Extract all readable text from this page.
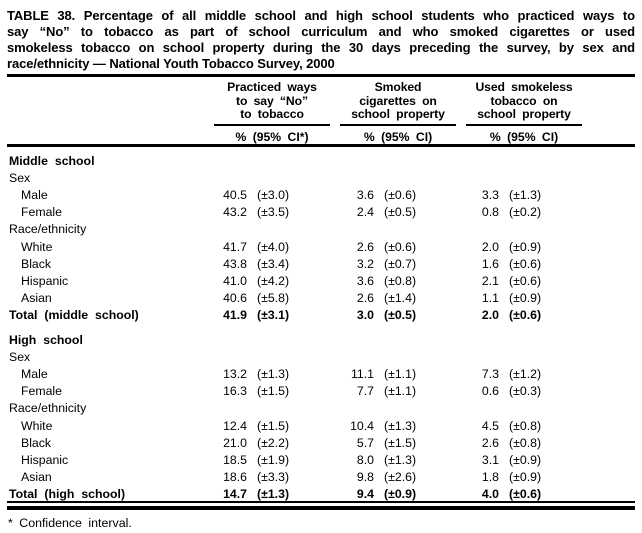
TABLE 38. Percentage of all middle school and high school students who practiced ways to
say “No” to tobacco as part of school curriculum and who smoked cigarettes or used
smokeless tobacco on school property during the 30 days preceding the survey, by sex and
race/ethnicity — National Youth Tobacco Survey, 2000

Practiced ways
to say “No”
to tobacco

Smoked
cigarettes on
school property

Used smokeless
tobacco on
school property

	% (95% CI*)		% (95% CI)		% (95% CI)		
Middle school							
Sex							
Male	40.5	(±3.0)	3.6	(±0.6)	3.3	(±1.3)	
Female	43.2	(±3.5)	2.4	(±0.5)	0.8	(±0.2)	
Race/ethnicity							
White	41.7	(±4.0)	2.6	(±0.6)	2.0	(±0.9)	
Black	43.8	(±3.4)	3.2	(±0.7)	1.6	(±0.6)	
Hispanic	41.0	(±4.2)	3.6	(±0.8)	2.1	(±0.6)	
Asian	40.6	(±5.8)	2.6	(±1.4)	1.1	(±0.9)	
Total (middle school)	41.9	(±3.1)	3.0	(±0.5)	2.0	(±0.6)	
High school							
Sex							
Male	13.2	(±1.3)	11.1	(±1.1)	7.3	(±1.2)	
Female	16.3	(±1.5)	7.7	(±1.1)	0.6	(±0.3)	
Race/ethnicity							
White	12.4	(±1.5)	10.4	(±1.3)	4.5	(±0.8)	
Black	21.0	(±2.2)	5.7	(±1.5)	2.6	(±0.8)	
Hispanic	18.5	(±1.9)	8.0	(±1.3)	3.1	(±0.9)	
Asian	18.6	(±3.3)	9.8	(±2.6)	1.8	(±0.9)	
Total (high school)	14.7	(±1.3)	9.4	(±0.9)	4.0	(±0.6)	
* Confidence interval.
